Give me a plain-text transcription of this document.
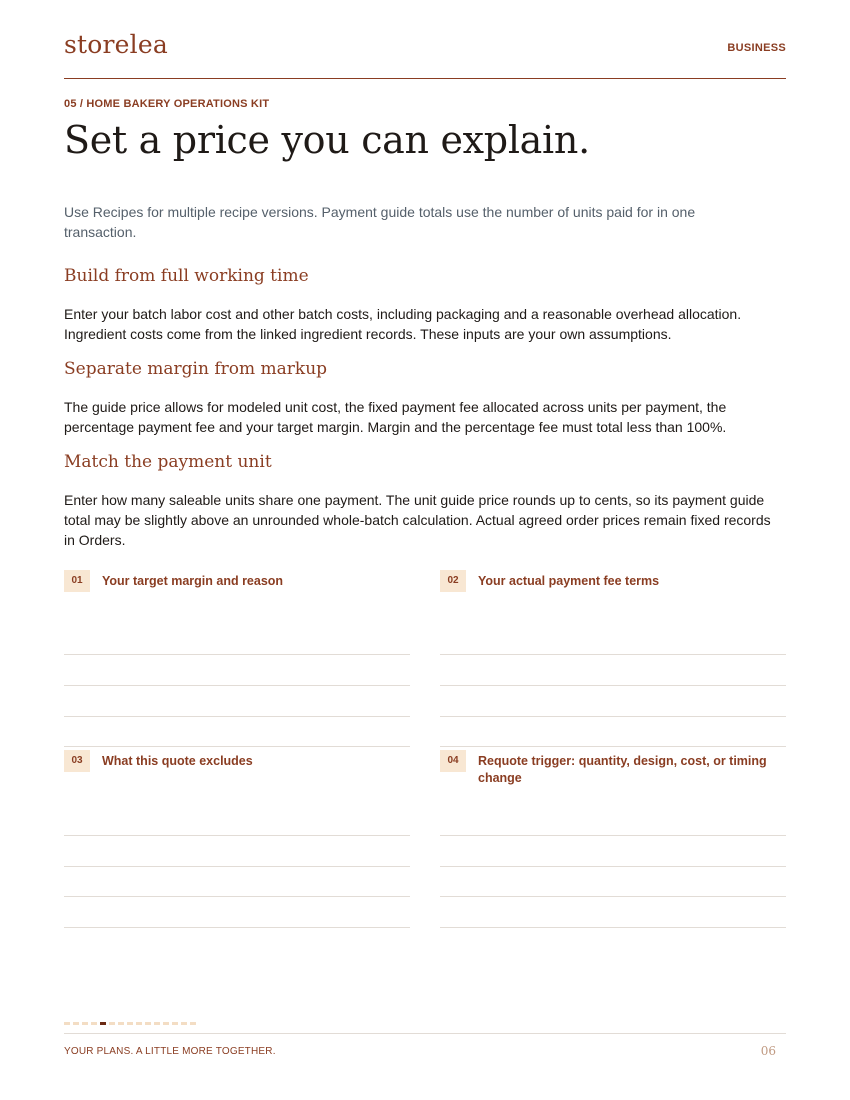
storelea	BUSINESS
05 / HOME BAKERY OPERATIONS KIT
Set a price you can explain.
Use Recipes for multiple recipe versions. Payment guide totals use the number of units paid for in one transaction.
Build from full working time
Enter your batch labor cost and other batch costs, including packaging and a reasonable overhead allocation. Ingredient costs come from the linked ingredient records. These inputs are your own assumptions.
Separate margin from markup
The guide price allows for modeled unit cost, the fixed payment fee allocated across units per payment, the percentage payment fee and your target margin. Margin and the percentage fee must total less than 100%.
Match the payment unit
Enter how many saleable units share one payment. The unit guide price rounds up to cents, so its payment guide total may be slightly above an unrounded whole-batch calculation. Actual agreed order prices remain fixed records in Orders.
01	Your target margin and reason	02	Your actual payment fee terms
03	What this quote excludes	04	Requote trigger: quantity, design, cost, or timing change
YOUR PLANS. A LITTLE MORE TOGETHER.	06
